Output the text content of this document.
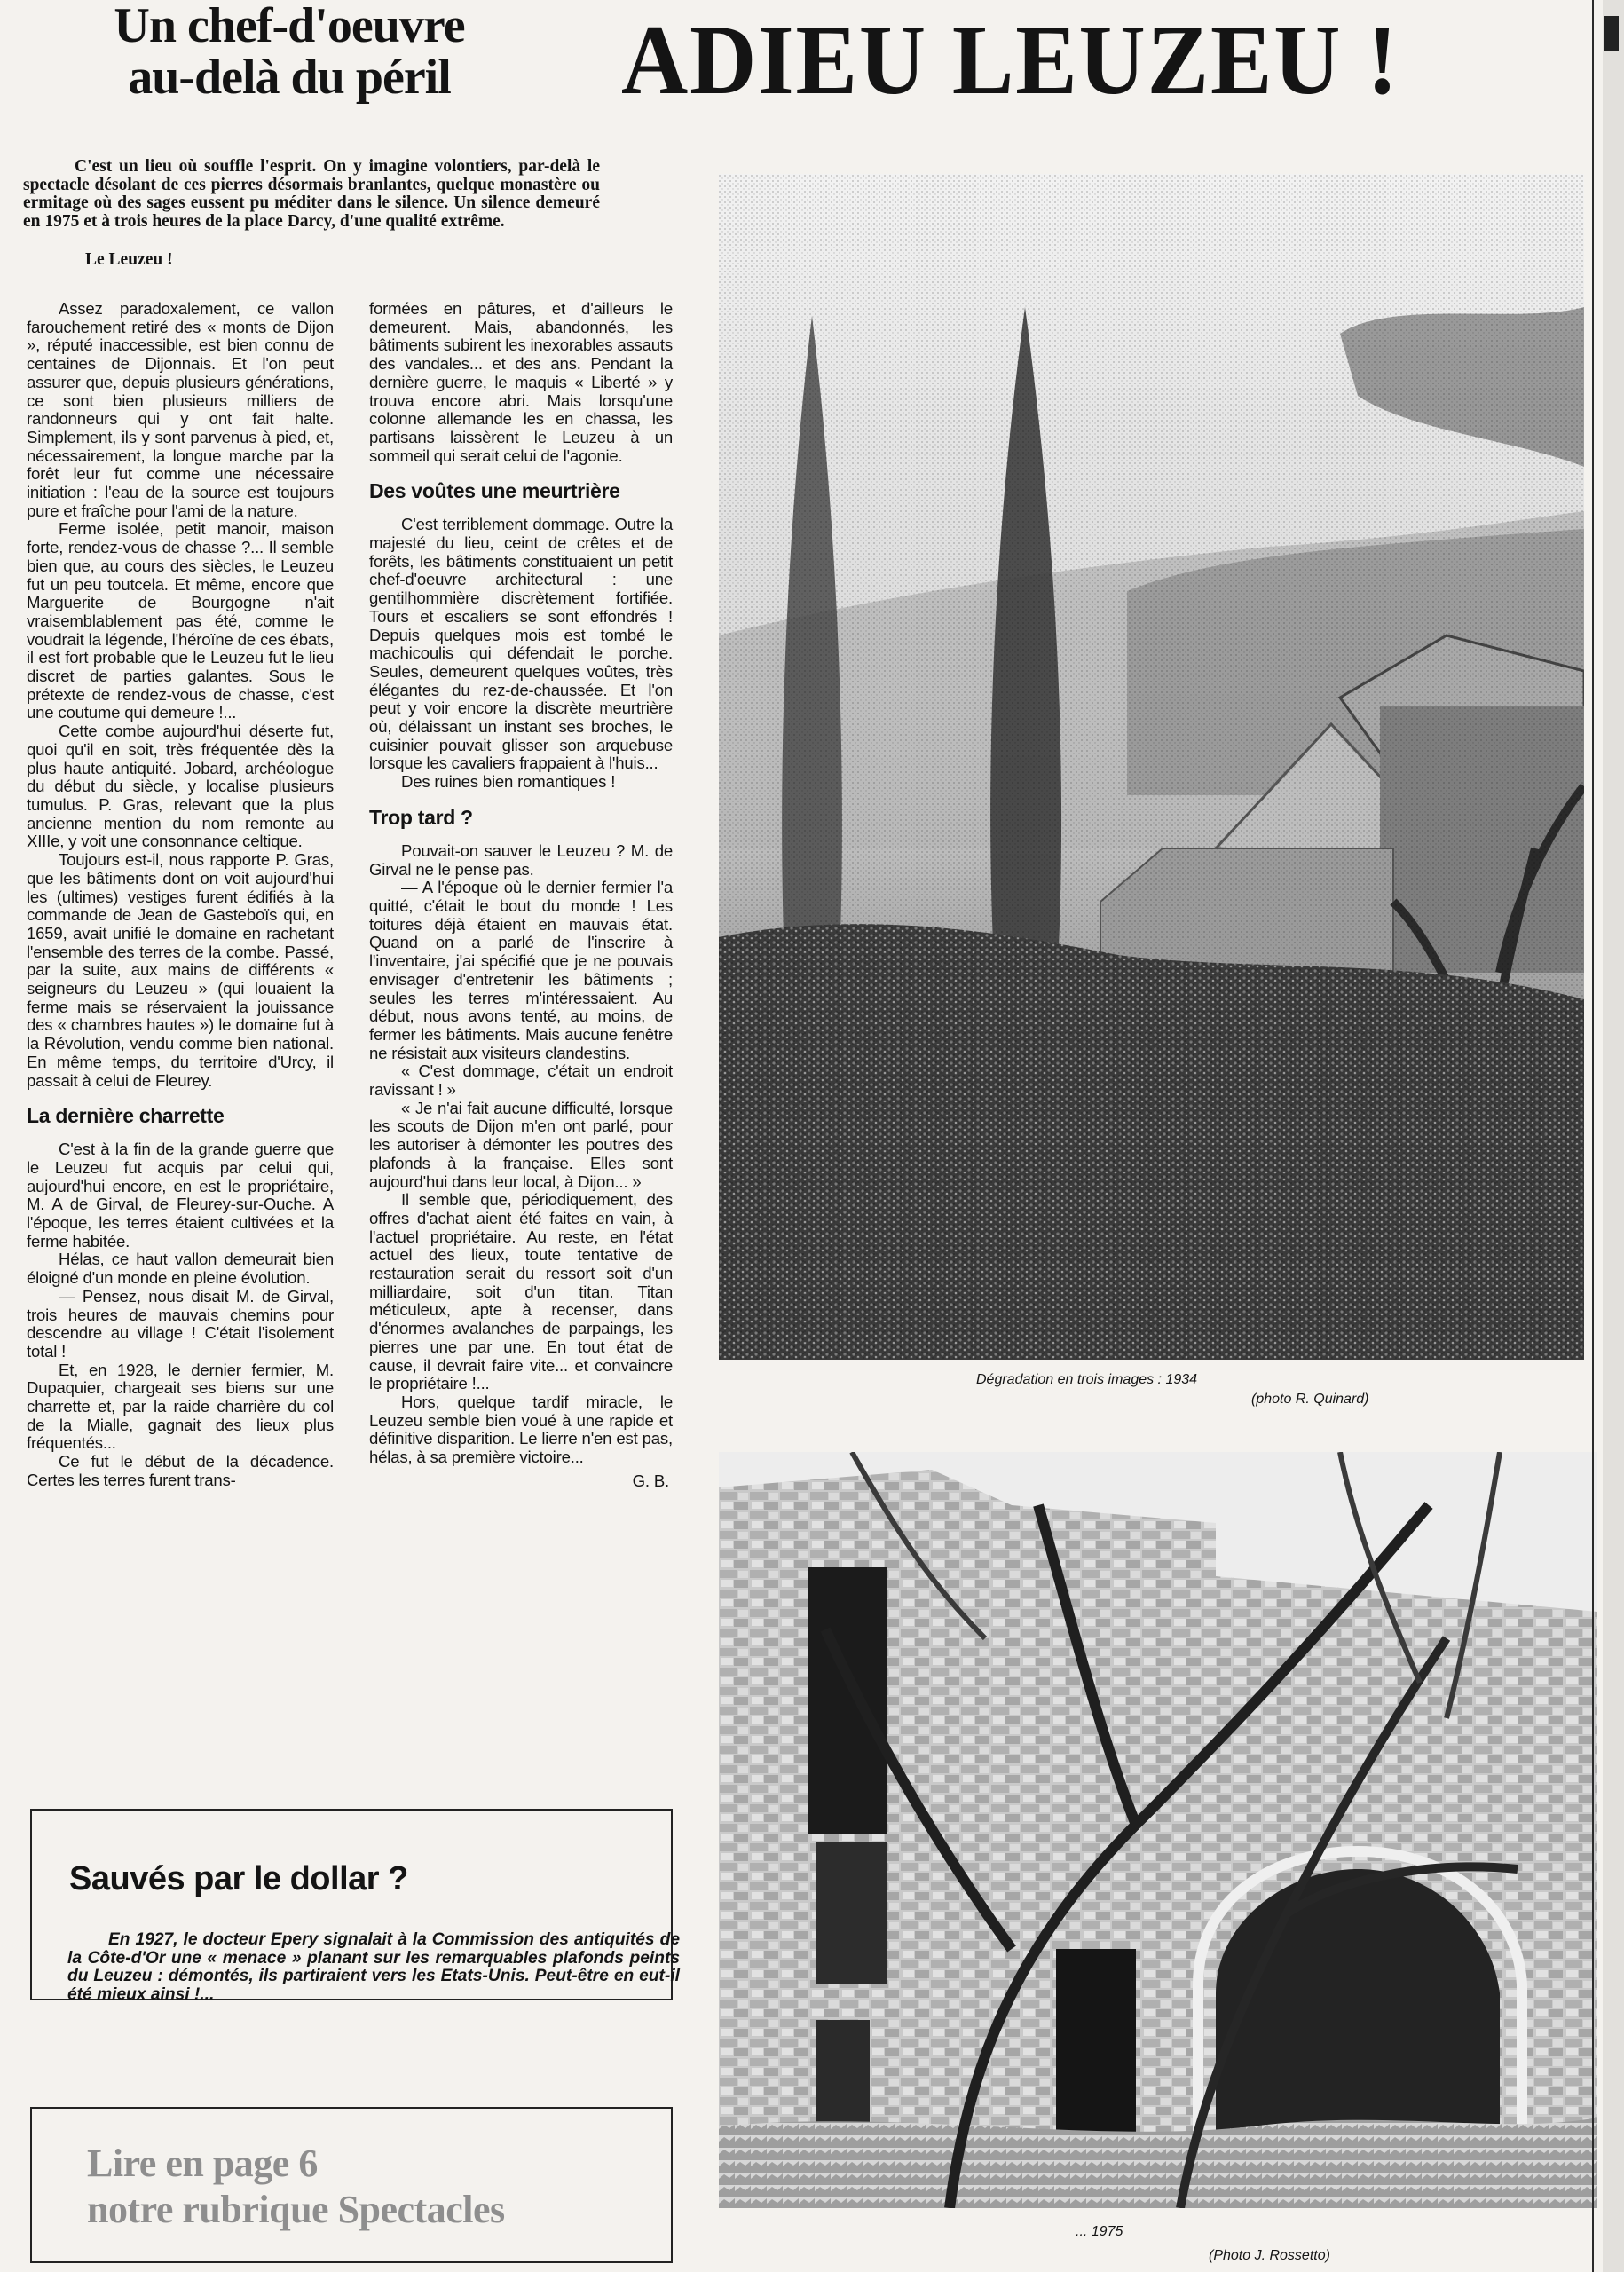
Un chef-d'oeuvre
au-delà du péril	ADIEU LEUZEU !
C'est un lieu où souffle l'esprit. On y imagine volontiers, par-delà le spectacle désolant de ces pierres désormais branlantes, quelque monastère ou ermitage où des sages eussent pu méditer dans le silence. Un silence demeuré en 1975 et à trois heures de la place Darcy, d'une qualité extrême.
Le Leuzeu !

Assez paradoxalement, ce vallon farouchement retiré des « monts de Dijon », réputé inaccessible, est bien connu de centaines de Dijonnais. Et l'on peut assurer que, depuis plusieurs générations, ce sont bien plusieurs milliers de randonneurs qui y ont fait halte. Simplement, ils y sont parvenus à pied, et, nécessairement, la longue marche par la forêt leur fut comme une nécessaire initiation : l'eau de la source est toujours pure et fraîche pour l'ami de la nature.

Ferme isolée, petit manoir, maison forte, rendez-vous de chasse ?... Il semble bien que, au cours des siècles, le Leuzeu fut un peu toutcela. Et même, encore que Marguerite de Bourgogne n'ait vraisemblablement pas été, comme le voudrait la légende, l'héroïne de ces ébats, il est fort probable que le Leuzeu fut le lieu discret de parties galantes. Sous le prétexte de rendez-vous de chasse, c'est une coutume qui demeure !...

Cette combe aujourd'hui déserte fut, quoi qu'il en soit, très fréquentée dès la plus haute antiquité. Jobard, archéologue du début du siècle, y localise plusieurs tumulus. P. Gras, relevant que la plus ancienne mention du nom remonte au XIIIe, y voit une consonnance celtique.

Toujours est-il, nous rapporte P. Gras, que les bâtiments dont on voit aujourd'hui les (ultimes) vestiges furent édifiés à la commande de Jean de Gasteboïs qui, en 1659, avait unifié le domaine en rachetant l'ensemble des terres de la combe. Passé, par la suite, aux mains de différents « seigneurs du Leuzeu » (qui louaient la ferme mais se réservaient la jouissance des « chambres hautes ») le domaine fut à la Révolution, vendu comme bien national. En même temps, du territoire d'Urcy, il passait à celui de Fleurey.

La dernière charrette

C'est à la fin de la grande guerre que le Leuzeu fut acquis par celui qui, aujourd'hui encore, en est le propriétaire, M. A de Girval, de Fleurey-sur-Ouche. A l'époque, les terres étaient cultivées et la ferme habitée.

Hélas, ce haut vallon demeurait bien éloigné d'un monde en pleine évolution.

— Pensez, nous disait M. de Girval, trois heures de mauvais chemins pour descendre au village ! C'était l'isolement total !

Et, en 1928, le dernier fermier, M. Dupaquier, chargeait ses biens sur une charrette et, par la raide charrière du col de la Mialle, gagnait des lieux plus fréquentés...

Ce fut le début de la décadence. Certes les terres furent trans-

formées en pâtures, et d'ailleurs le demeurent. Mais, abandonnés, les bâtiments subirent les inexorables assauts des vandales... et des ans. Pendant la dernière guerre, le maquis « Liberté » y trouva encore abri. Mais lorsqu'une colonne allemande les en chassa, les partisans laissèrent le Leuzeu à un sommeil qui serait celui de l'agonie.

Des voûtes une meurtrière

C'est terriblement dommage. Outre la majesté du lieu, ceint de crêtes et de forêts, les bâtiments constituaient un petit chef-d'oeuvre architectural : une gentilhommière discrètement fortifiée. Tours et escaliers se sont effondrés ! Depuis quelques mois est tombé le machicoulis qui défendait le porche. Seules, demeurent quelques voûtes, très élégantes du rez-de-chaussée. Et l'on peut y voir encore la discrète meurtrière où, délaissant un instant ses broches, le cuisinier pouvait glisser son arquebuse lorsque les cavaliers frappaient à l'huis...

Des ruines bien romantiques !

Trop tard ?

Pouvait-on sauver le Leuzeu ? M. de Girval ne le pense pas.

— A l'époque où le dernier fermier l'a quitté, c'était le bout du monde ! Les toitures déjà étaient en mauvais état. Quand on a parlé de l'inscrire à l'inventaire, j'ai spécifié que je ne pouvais envisager d'entretenir les bâtiments ; seules les terres m'intéressaient. Au début, nous avons tenté, au moins, de fermer les bâtiments. Mais aucune fenêtre ne résistait aux visiteurs clandestins.

« C'est dommage, c'était un endroit ravissant ! »

« Je n'ai fait aucune difficulté, lorsque les scouts de Dijon m'en ont parlé, pour les autoriser à démonter les poutres des plafonds à la française. Elles sont aujourd'hui dans leur local, à Dijon... »

Il semble que, périodiquement, des offres d'achat aient été faites en vain, à l'actuel propriétaire. Au reste, en l'état actuel des lieux, toute tentative de restauration serait du ressort soit d'un milliardaire, soit d'un titan. Titan méticuleux, apte à recenser, dans d'énormes avalanches de parpaings, les pierres une par une. En tout état de cause, il devrait faire vite... et convaincre le propriétaire !...

Hors, quelque tardif miracle, le Leuzeu semble bien voué à une rapide et définitive disparition. Le lierre n'en est pas, hélas, à sa première victoire...

G. B.

Dégradation en trois images : 1934
(photo R. Quinard)
... 1975
(Photo J. Rossetto)
Sauvés par le dollar ?
En 1927, le docteur Epery signalait à la Commission des antiquités de la Côte-d'Or une « menace » planant sur les remarquables plafonds peints du Leuzeu : démontés, ils partiraient vers les Etats-Unis. Peut-être en eut-il été mieux ainsi !...
Lire en page 6
notre rubrique Spectacles
